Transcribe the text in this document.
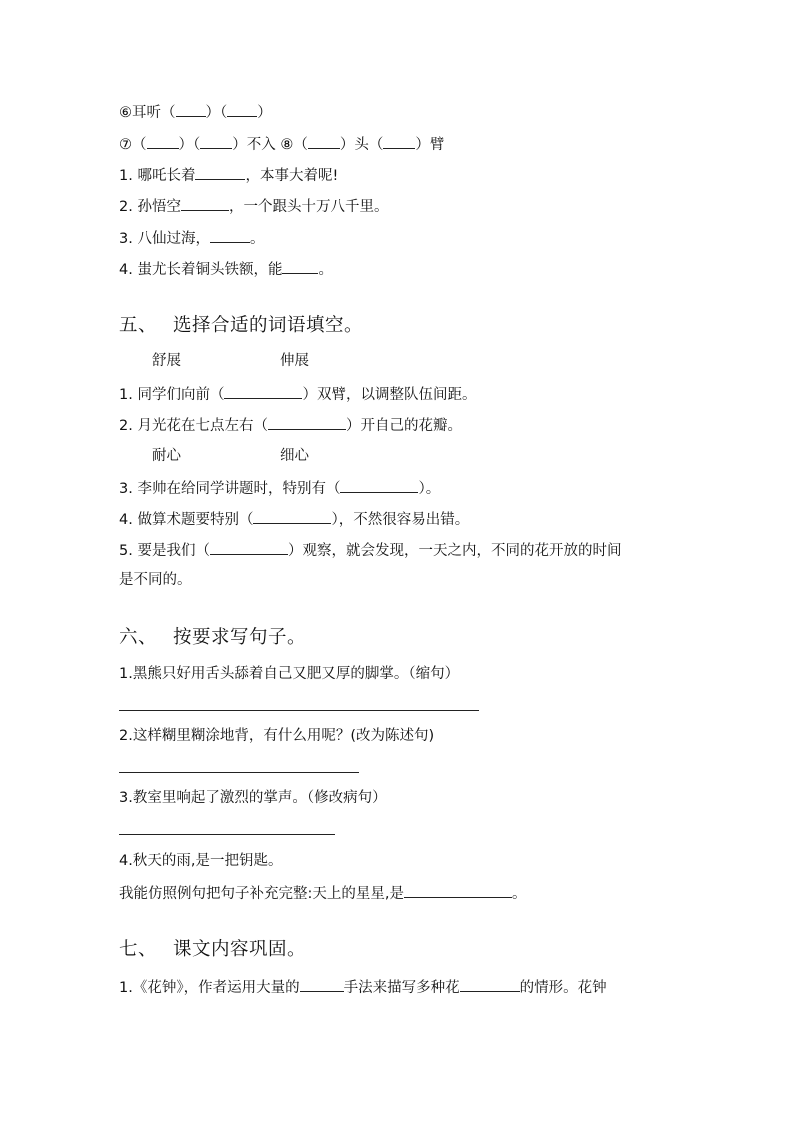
⑥耳听（ ）（ ）
⑦（ ）（ ）不入 ⑧（ ）头（ ）臂
1. 哪吒长着	，本事大着呢!
2. 孙悟空	，一个跟头十万八千里。
3. 八仙过海，	。
4. 蚩尤长着铜头铁额，能 。
五、 选择合适的词语填空。
舒展	伸展
1. 同学们向前（	）双臂，以调整队伍间距。
2. 月光花在七点左右（	）开自己的花瓣。
耐心	细心
3. 李帅在给同学讲题时，特别有（	）。
4. 做算术题要特别（	），不然很容易出错。
5. 要是我们（	）观察，就会发现，一天之内，不同的花开放的时间
是不同的。
六、 按要求写句子。
1.黑熊只好用舌头舔着自己又肥又厚的脚掌。（缩句）
2.这样糊里糊涂地背，有什么用呢？(改为陈述句)
3.教室里响起了激烈的掌声。（修改病句）
4.秋天的雨,是一把钥匙。
我能仿照例句把句子补充完整:天上的星星,是	。
七、 课文内容巩固。
1.《花钟》，作者运用大量的	手法来描写多种花	的情形。花钟
